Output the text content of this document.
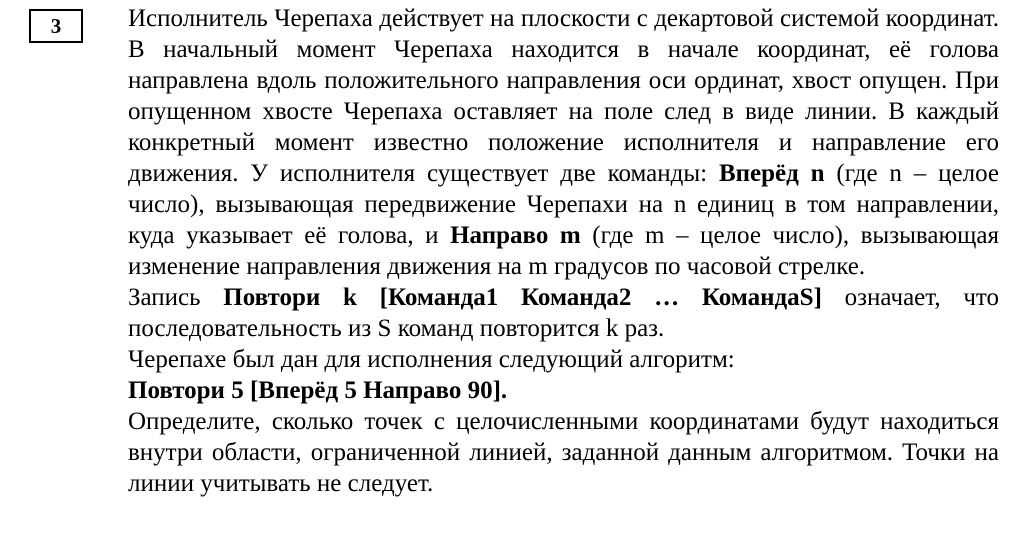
3	Исполнитель Черепаха действует на плоскости с декартовой системой координат. В начальный момент Черепаха находится в начале координат, её голова направлена вдоль положительного направления оси ординат, хвост опущен. При опущенном хвосте Черепаха оставляет на поле след в виде линии. В каждый конкретный момент известно положение исполнителя и направление его движения. У исполнителя существует две команды: Вперёд n (где n – целое число), вызывающая передвижение Черепахи на n единиц в том направлении, куда указывает её голова, и Направо m (где m – целое число), вызывающая изменение направления движения на m градусов по часовой стрелке.

Запись Повтори k [Команда1 Команда2 … КомандаS] означает, что последовательность из S команд повторится k раз.

Черепахе был дан для исполнения следующий алгоритм:

Повтори 5 [Вперёд 5 Направо 90].

Определите, сколько точек с целочисленными координатами будут находиться внутри области, ограниченной линией, заданной данным алгоритмом. Точки на линии учитывать не следует.
